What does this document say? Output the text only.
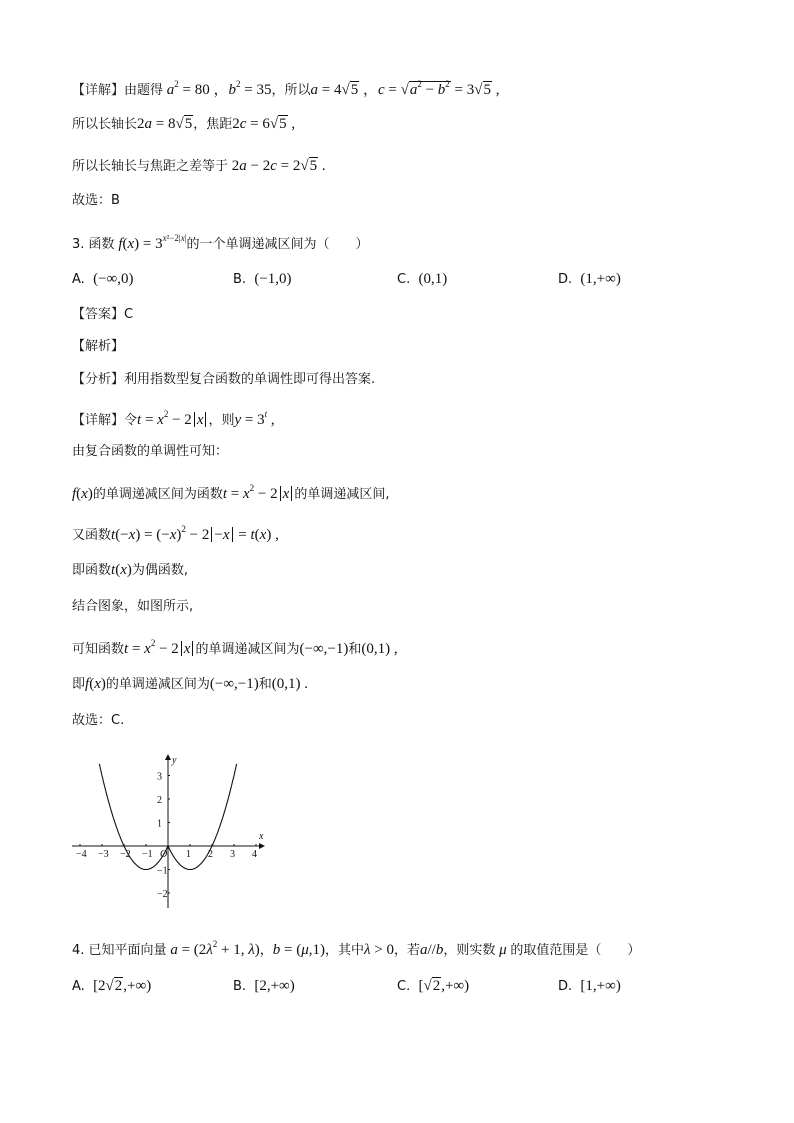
【详解】由题得 $a^2 = 80$ ，$b^2 = 35$，所以a = 4√5 ，$c = √a^2 - b^2 = 3√5$ ,
所以长轴长2a = 8√5，焦距2c = 6√5 ,
所以长轴长与焦距之差等于 2a − 2c = 2√5 .
故选：B
3. 函数 $f(x) = 3^{x^2-2|x|}$的一个单调递减区间为（　　）
A. (−∞,0)	B. (−1,0)	C. (0,1)	D. (1,+∞)
【答案】C
【解析】
【分析】利用指数型复合函数的单调性即可得出答案.
【详解】令$t = x^2 - 2$ x ，则$y = 3^t$ ,
由复合函数的单调性可知：
f(x)的单调递减区间为函数$t = x^2 - 2$ x 的单调递减区间,
又函数$t(-x) = (-x)^2 - 2 -x = t(x)$ ,
即函数t(x)为偶函数,
结合图象，如图所示,
可知函数$t = x^2 - 2$ x 的单调递减区间为(−∞,−1)和(0,1) ,
即f(x)的单调递减区间为(−∞,−1)和(0,1) .
故选：C.
−4 −3 −2 −1 O 1 2 3 4
3
2
1
−1
−2
x
y
4. 已知平面向量 $a = (2\lambda^2 + 1$, λ)，b = (μ,1)，其中λ > 0，若a//b，则实数 μ 的取值范围是（　　）
A. [2√2,+∞)	B. [2,+∞)	C. [√2,+∞)	D. [1,+∞)
